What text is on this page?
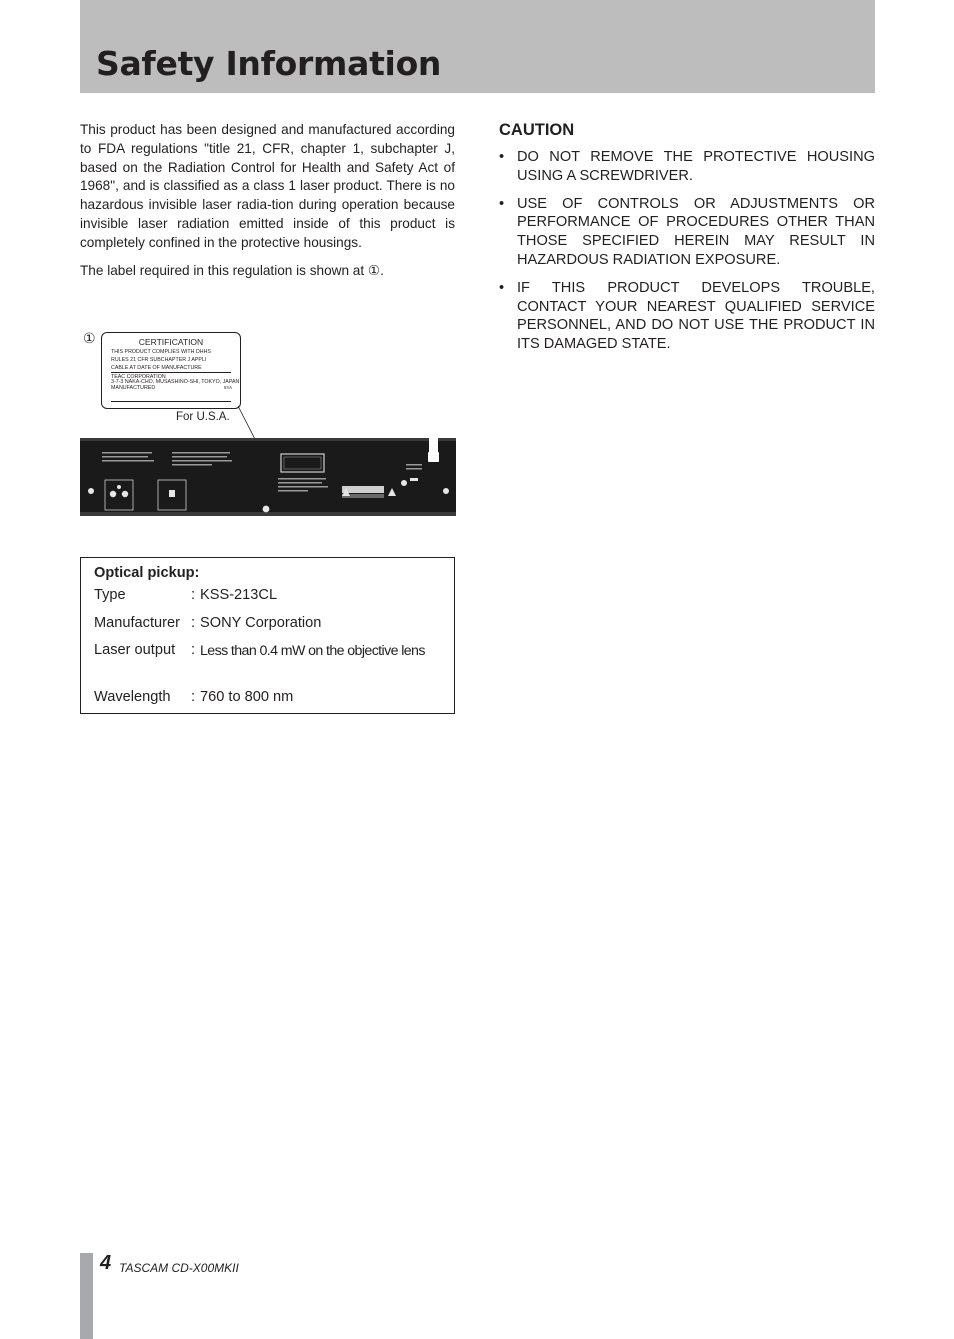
Safety Information

This product has been designed and manufactured according to FDA regulations "title 21, CFR, chapter 1, subchapter J, based on the Radiation Control for Health and Safety Act of 1968", and is classified as a class 1 laser product. There is no hazardous invisible laser radia-tion during operation because invisible laser radiation emitted inside of this product is completely confined in the protective housings.

The label required in this regulation is shown at ①.

①	CERTIFICATION
THIS PRODUCT COMPLIES WITH DHHS
RULES 21 CFR SUBCHAPTER J APPLI
CABLE AT DATE OF MANUFACTURE
TEAC CORPORATION
3-7-3 NAKA-CHO, MUSASHINO-SHI, TOKYO, JAPAN
MANUFACTURED	8YA
For U.S.A.
CAUTION
• DO NOT REMOVE THE PROTECTIVE HOUSING USING A SCREWDRIVER.
• USE OF CONTROLS OR ADJUSTMENTS OR PERFORMANCE OF PROCEDURES OTHER THAN THOSE SPECIFIED HEREIN MAY RESULT IN HAZARDOUS RADIATION EXPOSURE.
• IF THIS PRODUCT DEVELOPS TROUBLE, CONTACT YOUR NEAREST QUALIFIED SERVICE PERSONNEL, AND DO NOT USE THE PRODUCT IN ITS DAMAGED STATE.
Optical pickup:
Type	: KSS-213CL
Manufacturer : SONY Corporation
Laser output : Less than 0.4 mW on the objective lens
Wavelength : 760 to 800 nm
4 TASCAM CD-X00MKII
